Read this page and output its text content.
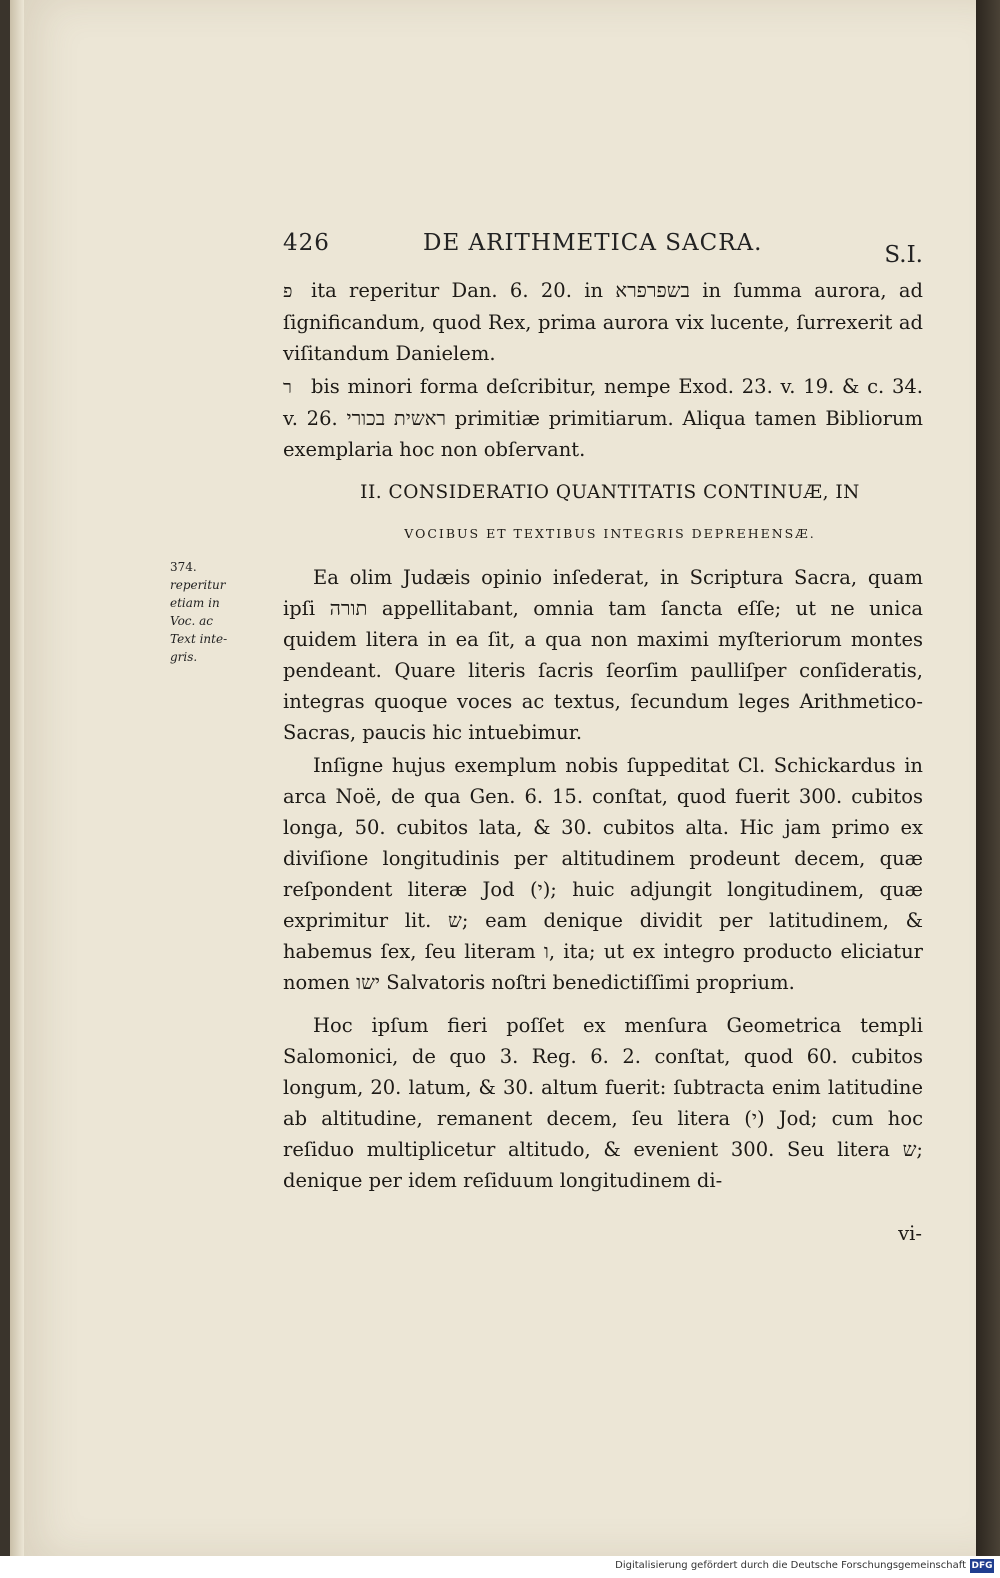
426	DE ARITHMETICA SACRA.	S.I.
פ ita reperitur Dan. 6. 20. in בשפרפרא in ſumma aurora, ad ſignificandum, quod Rex, prima aurora vix lucente, ſurrexerit ad viſitandum Danielem.
ר bis minori forma deſcribitur, nempe Exod. 23. v. 19. & c. 34. v. 26. ראשית בכורי primitiæ primitiarum. Aliqua tamen Bibliorum exemplaria hoc non obſervant.
II. CONSIDERATIO QUANTITATIS CONTINUÆ, IN
VOCIBUS ET TEXTIBUS INTEGRIS DEPREHENSÆ.
374.
reperitur
etiam in
Voc. ac
Text inte-
gris.
Ea olim Judæis opinio inſederat, in Scriptura Sacra, quam ipſi תורה appellitabant, omnia tam ſancta eſſe; ut ne unica quidem litera in ea ſit, a qua non maximi myſteriorum montes pendeant. Quare literis ſacris ſeorſim paulliſper conſideratis, integras quoque voces ac textus, ſecundum leges Arithmetico-Sacras, paucis hic intuebimur.
Inſigne hujus exemplum nobis ſuppeditat Cl. Schickardus in arca Noë, de qua Gen. 6. 15. conſtat, quod fuerit 300. cubitos longa, 50. cubitos lata, & 30. cubitos alta. Hic jam primo ex diviſione longitudinis per altitudinem prodeunt decem, quæ reſpondent literæ Jod (י); huic adjungit longitudinem, quæ exprimitur lit. ש; eam denique dividit per latitudinem, & habemus ſex, ſeu literam ו, ita; ut ex integro producto eliciatur nomen ישו Salvatoris noſtri benedictiſſimi proprium.
Hoc ipſum fieri poſſet ex menſura Geometrica templi Salomonici, de quo 3. Reg. 6. 2. conſtat, quod 60. cubitos longum, 20. latum, & 30. altum fuerit: ſubtracta enim latitudine ab altitudine, remanent decem, ſeu litera (י) Jod; cum hoc reſiduo multiplicetur altitudo, & evenient 300. Seu litera ש; denique per idem reſiduum longitudinem di-
vi-
Digitalisierung gefördert durch die Deutsche Forschungsgemeinschaft DFG
